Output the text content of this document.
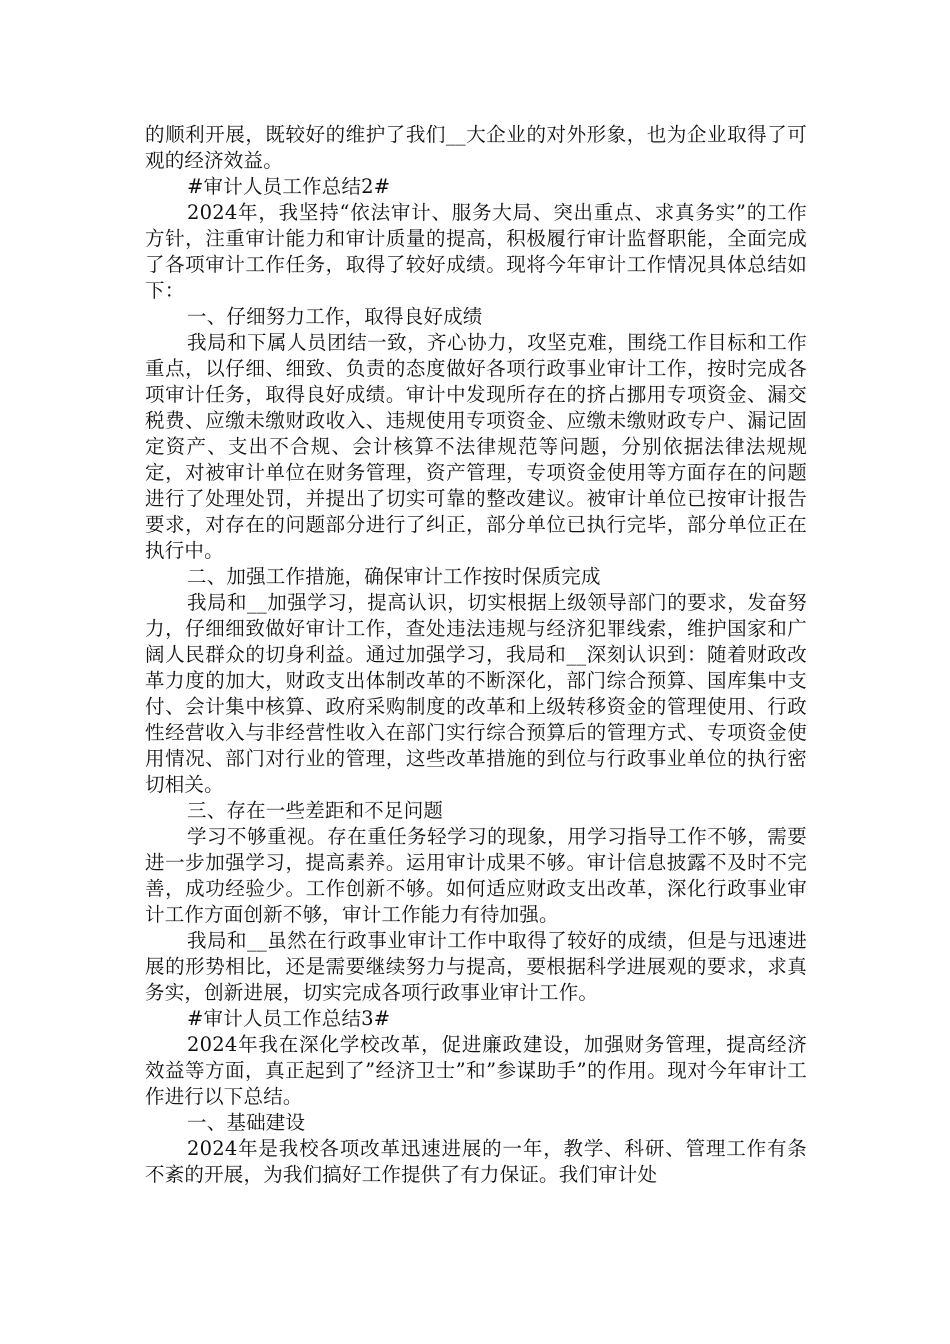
的顺利开展，既较好的维护了我们__大企业的对外形象，也为企业取得了可观的经济效益。

#审计人员工作总结2#

2024年，我坚持“依法审计、服务大局、突出重点、求真务实”的工作方针，注重审计能力和审计质量的提高，积极履行审计监督职能，全面完成了各项审计工作任务，取得了较好成绩。现将今年审计工作情况具体总结如下：

一、仔细努力工作，取得良好成绩

我局和下属人员团结一致，齐心协力，攻坚克难，围绕工作目标和工作重点，以仔细、细致、负责的态度做好各项行政事业审计工作，按时完成各项审计任务，取得良好成绩。审计中发现所存在的挤占挪用专项资金、漏交税费、应缴未缴财政收入、违规使用专项资金、应缴未缴财政专户、漏记固定资产、支出不合规、会计核算不法律规范等问题，分别依据法律法规规定，对被审计单位在财务管理，资产管理，专项资金使用等方面存在的问题进行了处理处罚，并提出了切实可靠的整改建议。被审计单位已按审计报告要求，对存在的问题部分进行了纠正，部分单位已执行完毕，部分单位正在执行中。

二、加强工作措施，确保审计工作按时保质完成

我局和__加强学习，提高认识，切实根据上级领导部门的要求，发奋努力，仔细细致做好审计工作，查处违法违规与经济犯罪线索，维护国家和广阔人民群众的切身利益。通过加强学习，我局和__深刻认识到：随着财政改革力度的加大，财政支出体制改革的不断深化，部门综合预算、国库集中支付、会计集中核算、政府采购制度的改革和上级转移资金的管理使用、行政性经营收入与非经营性收入在部门实行综合预算后的管理方式、专项资金使用情况、部门对行业的管理，这些改革措施的到位与行政事业单位的执行密切相关。

三、存在一些差距和不足问题

学习不够重视。存在重任务轻学习的现象，用学习指导工作不够，需要进一步加强学习，提高素养。运用审计成果不够。审计信息披露不及时不完善，成功经验少。工作创新不够。如何适应财政支出改革，深化行政事业审计工作方面创新不够，审计工作能力有待加强。

我局和__虽然在行政事业审计工作中取得了较好的成绩，但是与迅速进展的形势相比，还是需要继续努力与提高，要根据科学进展观的要求，求真务实，创新进展，切实完成各项行政事业审计工作。

#审计人员工作总结3#

2024年我在深化学校改革，促进廉政建设，加强财务管理，提高经济效益等方面，真正起到了”经济卫士”和”参谋助手”的作用。现对今年审计工作进行以下总结。

一、基础建设

2024年是我校各项改革迅速进展的一年，教学、科研、管理工作有条不紊的开展，为我们搞好工作提供了有力保证。我们审计处
